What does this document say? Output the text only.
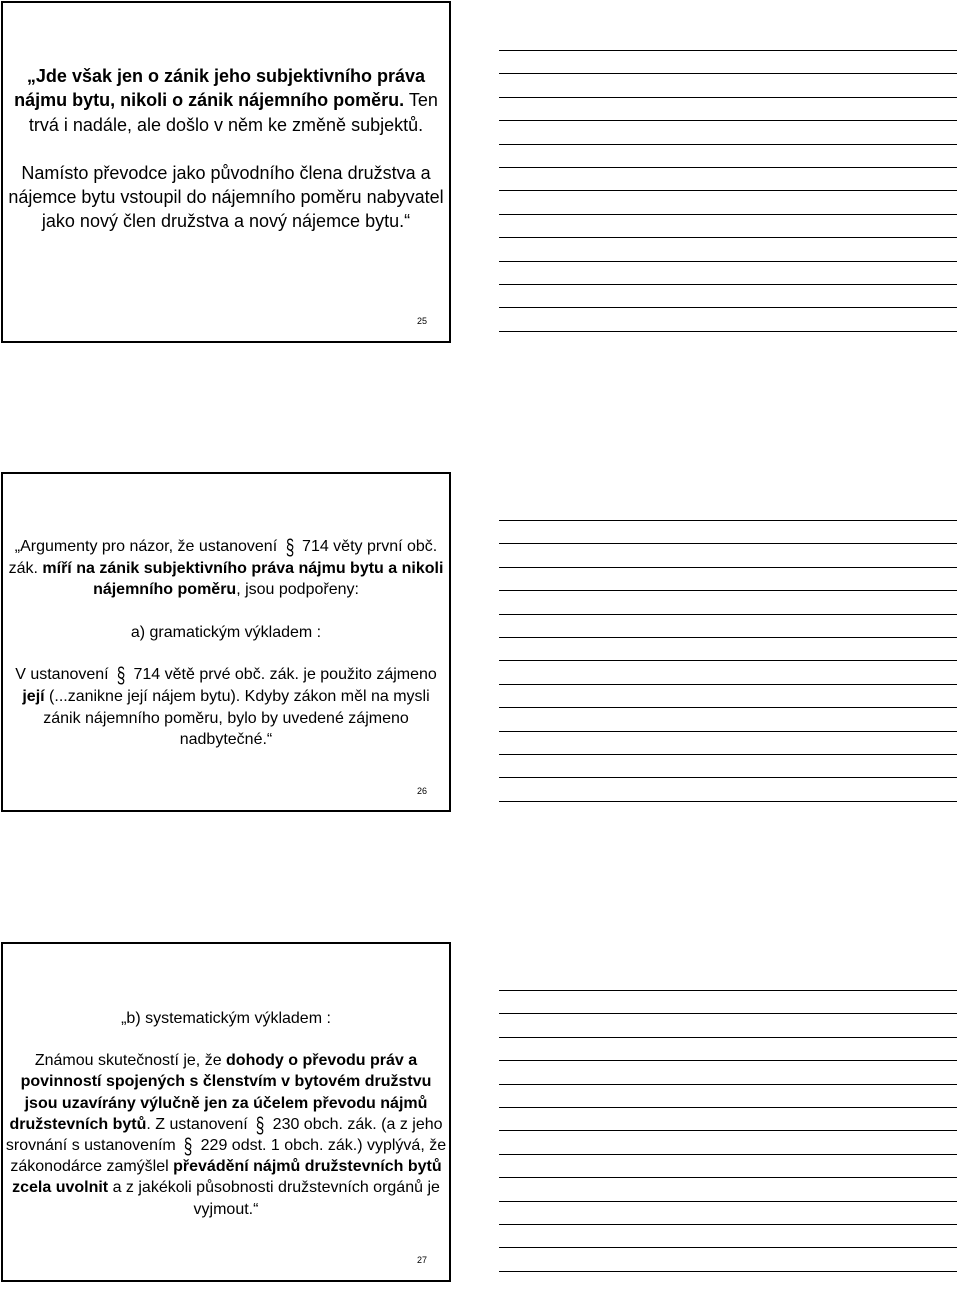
„Jde však jen o zánik jeho subjektivního práva nájmu bytu, nikoli o zánik nájemního poměru. Ten trvá i nadále, ale došlo v něm ke změně subjektů.

Namísto převodce jako původního člena družstva a nájemce bytu vstoupil do nájemního poměru nabyvatel jako nový člen družstva a nový nájemce bytu.“

25

„Argumenty pro názor, že ustanovení § 714 věty první obč. zák. míří na zánik subjektivního práva nájmu bytu a nikoli nájemního poměru, jsou podpořeny:

a) gramatickým výkladem :

V ustanovení § 714 větě prvé obč. zák. je použito zájmeno její (...zanikne její nájem bytu). Kdyby zákon měl na mysli zánik nájemního poměru, bylo by uvedené zájmeno nadbytečné.“

26

„b) systematickým výkladem :

Známou skutečností je, že dohody o převodu práv a povinností spojených s členstvím v bytovém družstvu jsou uzavírány výlučně jen za účelem převodu nájmů družstevních bytů. Z ustanovení § 230 obch. zák. (a z jeho srovnání s ustanovením § 229 odst. 1 obch. zák.) vyplývá, že zákonodárce zamýšlel převádění nájmů družstevních bytů zcela uvolnit a z jakékoli působnosti družstevních orgánů je vyjmout.“

27
